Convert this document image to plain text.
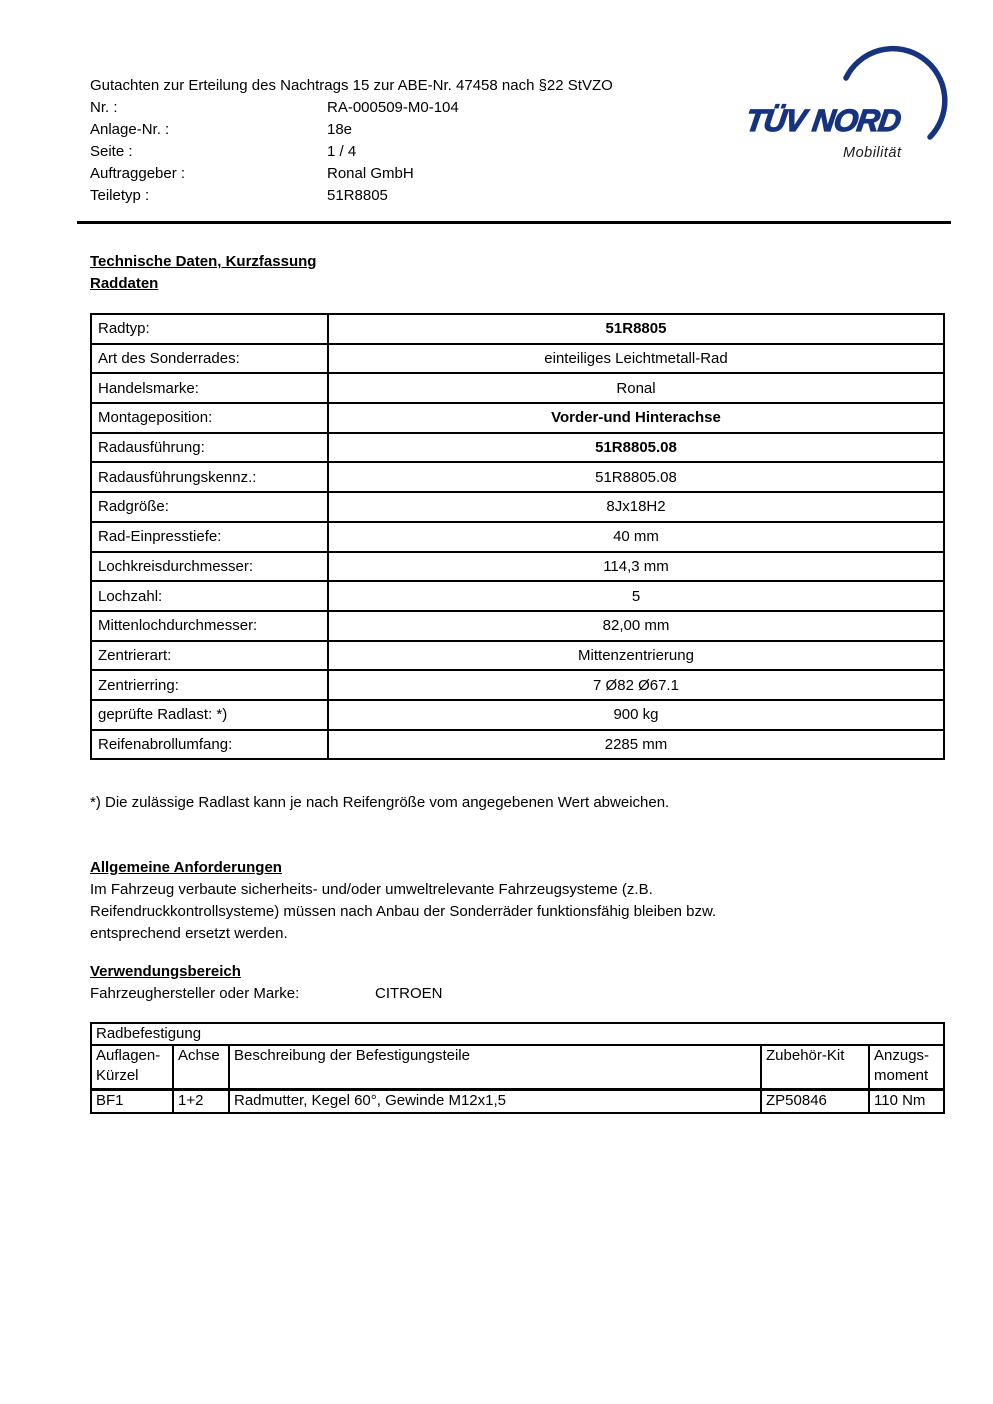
Gutachten zur Erteilung des Nachtrags 15 zur ABE-Nr. 47458 nach §22 StVZO
Nr. :	RA-000509-M0-104
Anlage-Nr. :	18e
Seite :	1 / 4
Auftraggeber :	Ronal GmbH
Teiletyp :	51R8805
TÜV NORD
Mobilität
Technische Daten, Kurzfassung
Raddaten
Radtyp:	51R8805
Art des Sonderrades:	einteiliges Leichtmetall-Rad
Handelsmarke:	Ronal
Montageposition:	Vorder-und Hinterachse
Radausführung:	51R8805.08
Radausführungskennz.:	51R8805.08
Radgröße:	8Jx18H2
Rad-Einpresstiefe:	40 mm
Lochkreisdurchmesser:	114,3 mm
Lochzahl:	5
Mittenlochdurchmesser:	82,00 mm
Zentrierart:	Mittenzentrierung
Zentrierring:	7 Ø82 Ø67.1
geprüfte Radlast: *)	900 kg
Reifenabrollumfang:	2285 mm
*) Die zulässige Radlast kann je nach Reifengröße vom angegebenen Wert abweichen.
Allgemeine Anforderungen
Im Fahrzeug verbaute sicherheits- und/oder umweltrelevante Fahrzeugsysteme (z.B.
Reifendruckkontrollsysteme) müssen nach Anbau der Sonderräder funktionsfähig bleiben bzw.
entsprechend ersetzt werden.
Verwendungsbereich
Fahrzeughersteller oder Marke:	CITROEN
Radbefestigung				
Auflagen-Kürzel	Achse	Beschreibung der Befestigungsteile	Zubehör-Kit	Anzugs-moment
BF1	1+2	Radmutter, Kegel 60°, Gewinde M12x1,5	ZP50846	110 Nm
